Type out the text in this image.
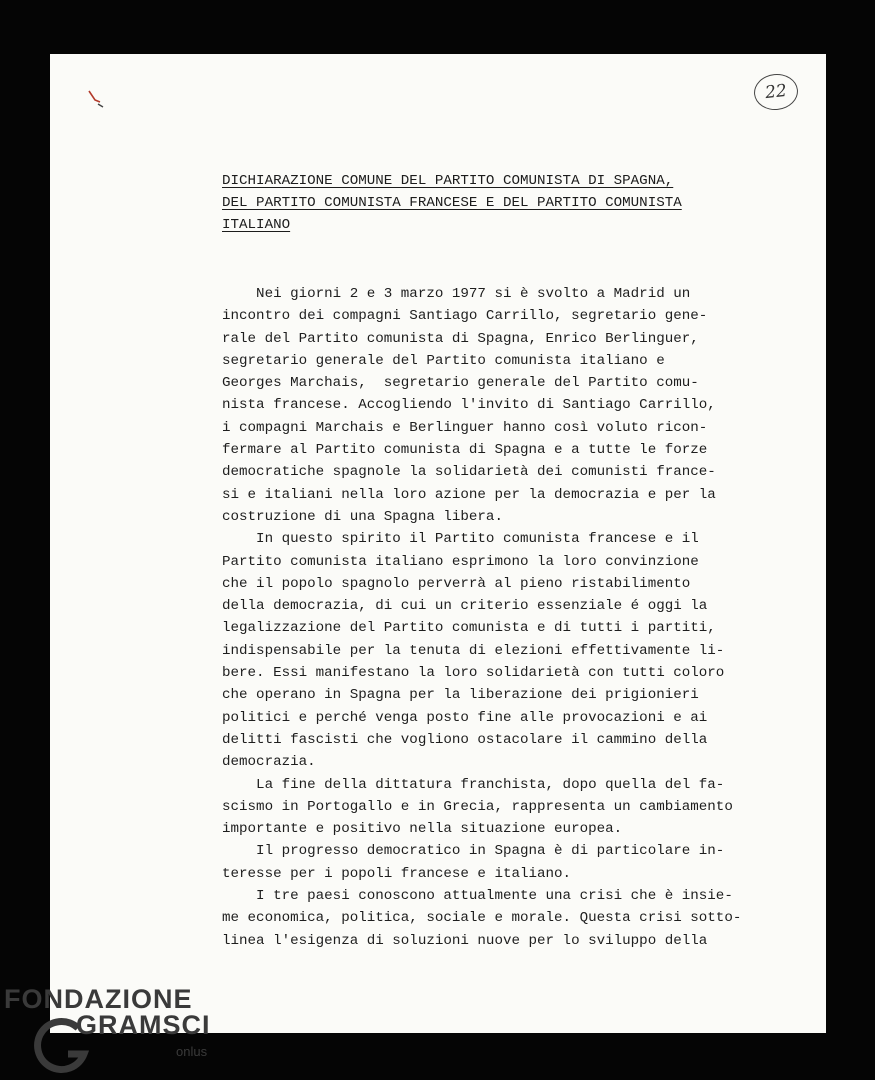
22
DICHIARAZIONE COMUNE DEL PARTITO COMUNISTA DI SPAGNA,
DEL PARTITO COMUNISTA FRANCESE E DEL PARTITO COMUNISTA
ITALIANO
Nei giorni 2 e 3 marzo 1977 si è svolto a Madrid un
incontro dei compagni Santiago Carrillo, segretario gene-
rale del Partito comunista di Spagna, Enrico Berlinguer,
segretario generale del Partito comunista italiano e
Georges Marchais,  segretario generale del Partito comu-
nista francese. Accogliendo l'invito di Santiago Carrillo,
i compagni Marchais e Berlinguer hanno così voluto ricon-
fermare al Partito comunista di Spagna e a tutte le forze
democratiche spagnole la solidarietà dei comunisti france-
si e italiani nella loro azione per la democrazia e per la
costruzione di una Spagna libera.
In questo spirito il Partito comunista francese e il
Partito comunista italiano esprimono la loro convinzione
che il popolo spagnolo perverrà al pieno ristabilimento
della democrazia, di cui un criterio essenziale é oggi la
legalizzazione del Partito comunista e di tutti i partiti,
indispensabile per la tenuta di elezioni effettivamente li-
bere. Essi manifestano la loro solidarietà con tutti coloro
che operano in Spagna per la liberazione dei prigionieri
politici e perché venga posto fine alle provocazioni e ai
delitti fascisti che vogliono ostacolare il cammino della
democrazia.
La fine della dittatura franchista, dopo quella del fa-
scismo in Portogallo e in Grecia, rappresenta un cambiamento
importante e positivo nella situazione europea.
Il progresso democratico in Spagna è di particolare in-
teresse per i popoli francese e italiano.
I tre paesi conoscono attualmente una crisi che è insie-
me economica, politica, sociale e morale. Questa crisi sotto-
linea l'esigenza di soluzioni nuove per lo sviluppo della
FONDAZIONE
GRAMSCI
onlus
